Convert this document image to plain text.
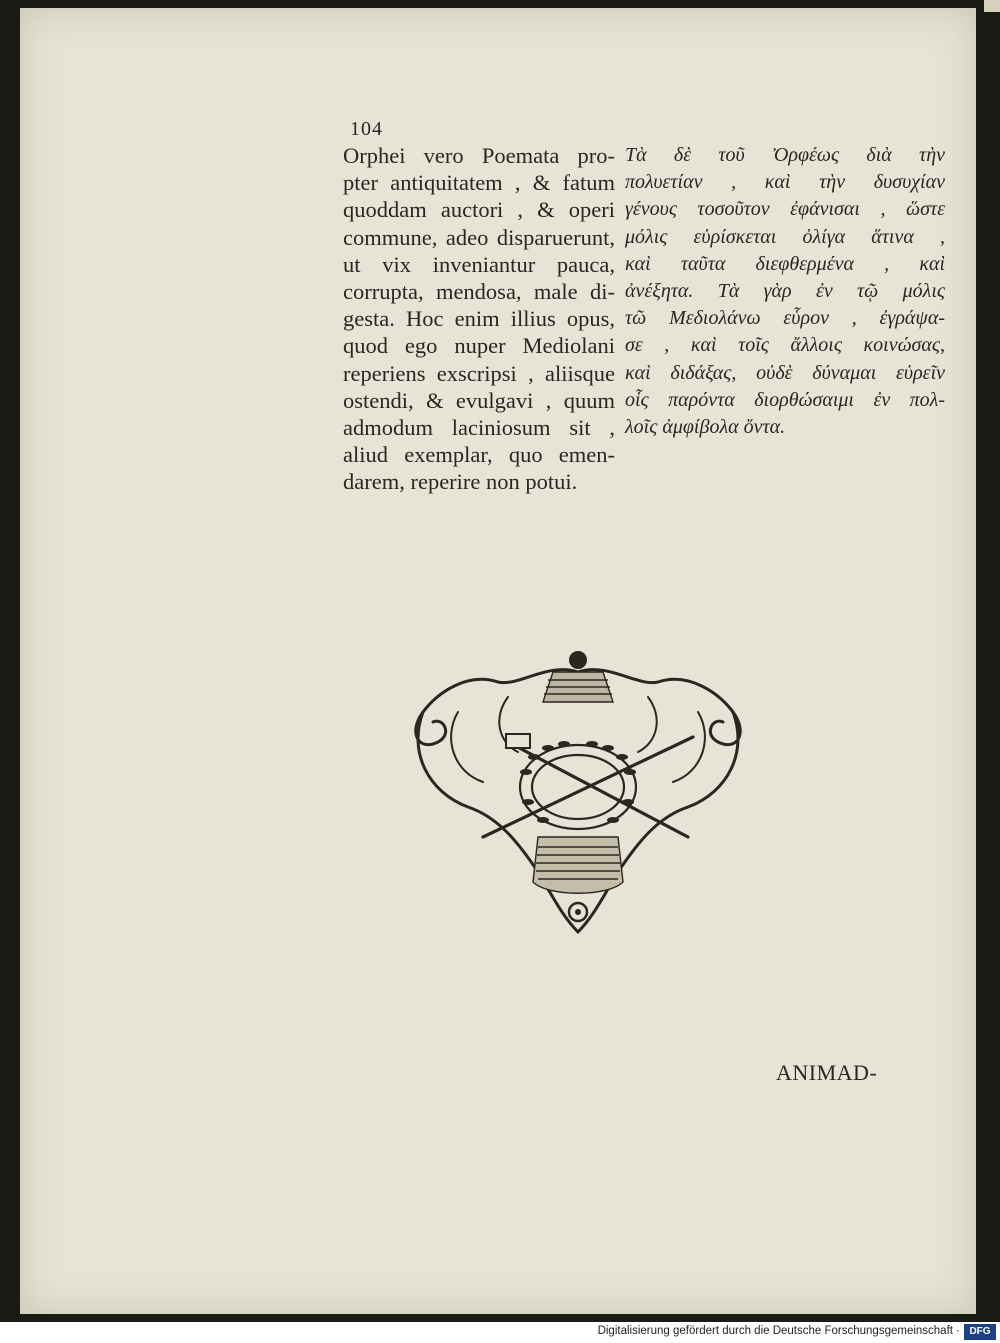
104
Orphei vero Poemata pro-
pter antiquitatem , & fatum
quoddam auctori , & operi
commune, adeo disparuerunt,
ut vix inveniantur pauca,
corrupta, mendosa, male di-
gesta. Hoc enim illius opus,
quod ego nuper Mediolani
reperiens exscripsi , aliisque
ostendi, & evulgavi , quum
admodum laciniosum sit ,
aliud exemplar, quo emen-
darem, reperire non potui.
Τὰ δὲ τοῦ Ὀρφέως διὰ τὴν
πολυετίαν , καὶ τὴν δυσυχίαν
γένους τοσοῦτον ἐφάνισαι , ὥστε
μόλις εὑρίσκεται ὀλίγα ἅτινα ,
καὶ ταῦτα διεφθερμένα , καὶ
ἀνέξητα. Τὰ γὰρ ἐν τῷ μόλις
τῶ Μεδιολάνω εὗρον , ἐγράψα-
σε , καὶ τοῖς ἄλλοις κοινώσας,
καὶ διδάξας, οὐδὲ δύναμαι εὑρεῖν
οἷς παρόντα διορθώσαιμι ἐν πολ-
λοῖς ἀμφίβολα ὄντα.
ANIMAD-
Digitalisierung gefördert durch die Deutsche Forschungsgemeinschaft · DFG
